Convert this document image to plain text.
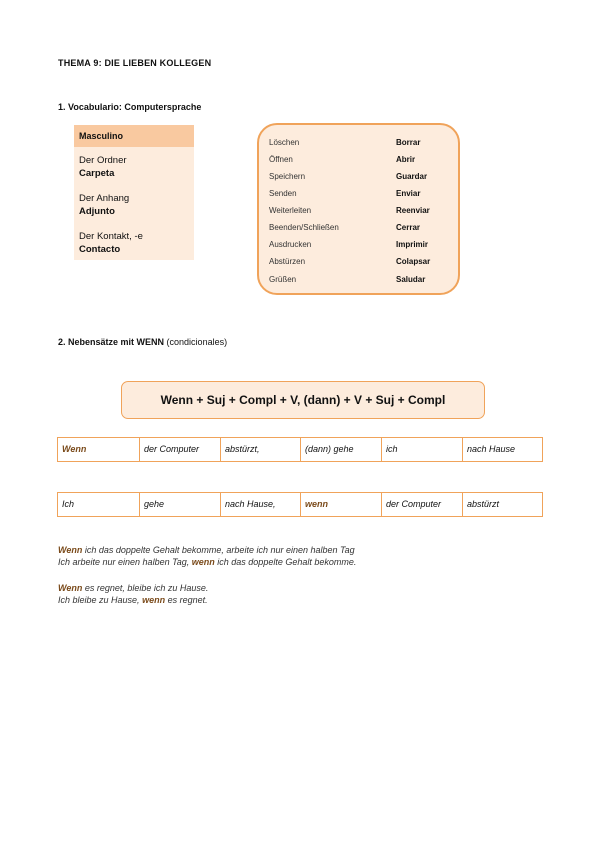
THEMA 9: DIE LIEBEN KOLLEGEN
1. Vocabulario: Computersprache
Masculino
Der Ordner
Carpeta
Der Anhang
Adjunto
Der Kontakt, -e
Contacto
Löschen	Borrar
Öffnen	Abrir
Speichern	Guardar
Senden	Enviar
Weiterleiten	Reenviar
Beenden/Schließen	Cerrar
Ausdrucken	Imprimir
Abstürzen	Colapsar
Grüßen	Saludar
2. Nebensätze mit WENN (condicionales)
Wenn + Suj + Compl + V, (dann) + V + Suj + Compl
Wenn	der Computer	abstürzt,	(dann) gehe	ich	nach Hause
Ich	gehe	nach Hause,	wenn	der Computer	abstürzt
Wenn ich das doppelte Gehalt bekomme, arbeite ich nur einen halben Tag
Ich arbeite nur einen halben Tag, wenn ich das doppelte Gehalt bekomme.
Wenn es regnet, bleibe ich zu Hause.
Ich bleibe zu Hause, wenn es regnet.
